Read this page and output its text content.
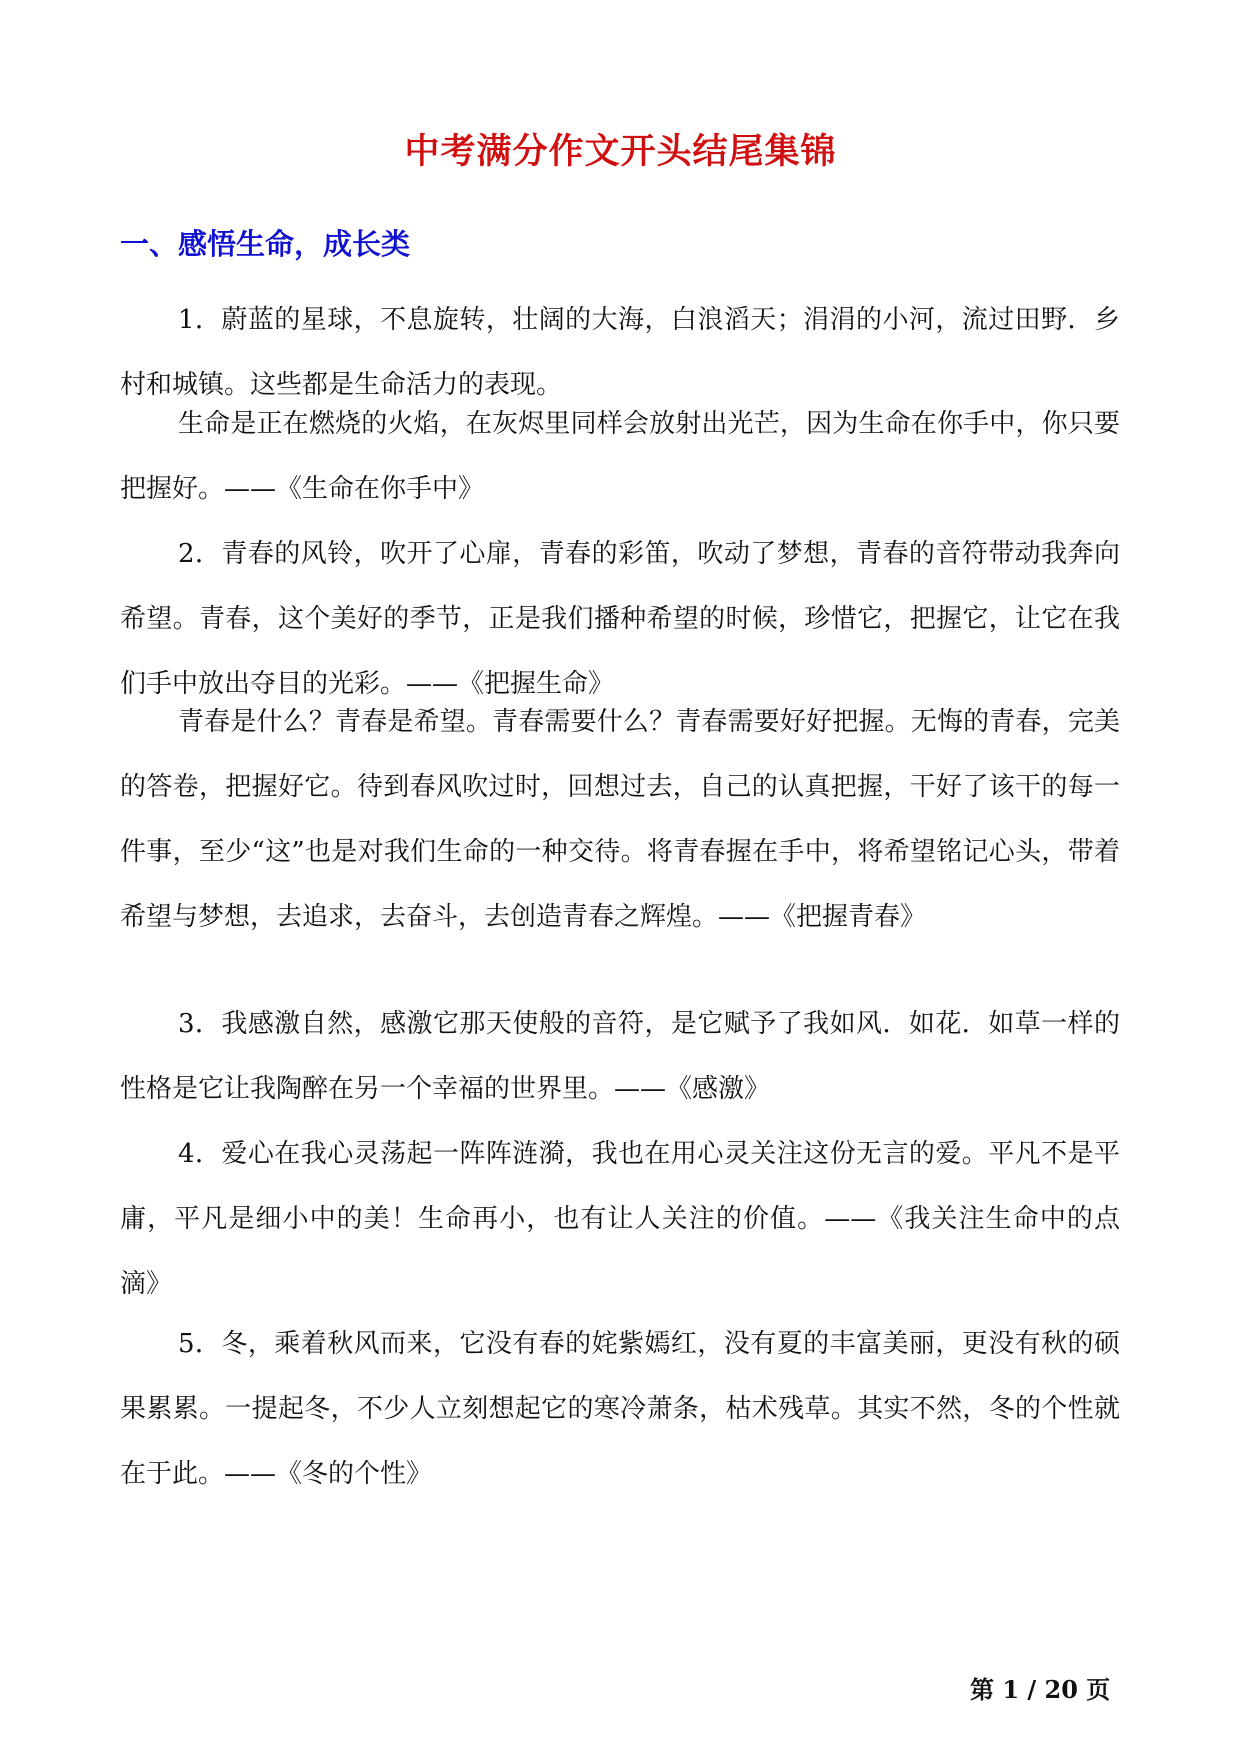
中考满分作文开头结尾集锦
一、感悟生命，成长类

1．蔚蓝的星球，不息旋转，壮阔的大海，白浪滔天；涓涓的小河，流过田野．乡村和城镇。这些都是生命活力的表现。

生命是正在燃烧的火焰，在灰烬里同样会放射出光芒，因为生命在你手中，你只要把握好。——《生命在你手中》

2．青春的风铃，吹开了心扉，青春的彩笛，吹动了梦想，青春的音符带动我奔向希望。青春，这个美好的季节，正是我们播种希望的时候，珍惜它，把握它，让它在我们手中放出夺目的光彩。——《把握生命》

青春是什么？青春是希望。青春需要什么？青春需要好好把握。无悔的青春，完美的答卷，把握好它。待到春风吹过时，回想过去，自己的认真把握，干好了该干的每一件事，至少“这”也是对我们生命的一种交待。将青春握在手中，将希望铭记心头，带着希望与梦想，去追求，去奋斗，去创造青春之辉煌。——《把握青春》

3．我感激自然，感激它那天使般的音符，是它赋予了我如风．如花．如草一样的性格是它让我陶醉在另一个幸福的世界里。——《感激》

4．爱心在我心灵荡起一阵阵涟漪，我也在用心灵关注这份无言的爱。平凡不是平庸，平凡是细小中的美！生命再小，也有让人关注的价值。——《我关注生命中的点滴》

5．冬，乘着秋风而来，它没有春的姹紫嫣红，没有夏的丰富美丽，更没有秋的硕果累累。一提起冬，不少人立刻想起它的寒冷萧条，枯术残草。其实不然，冬的个性就在于此。——《冬的个性》

第 1 / 20 页
